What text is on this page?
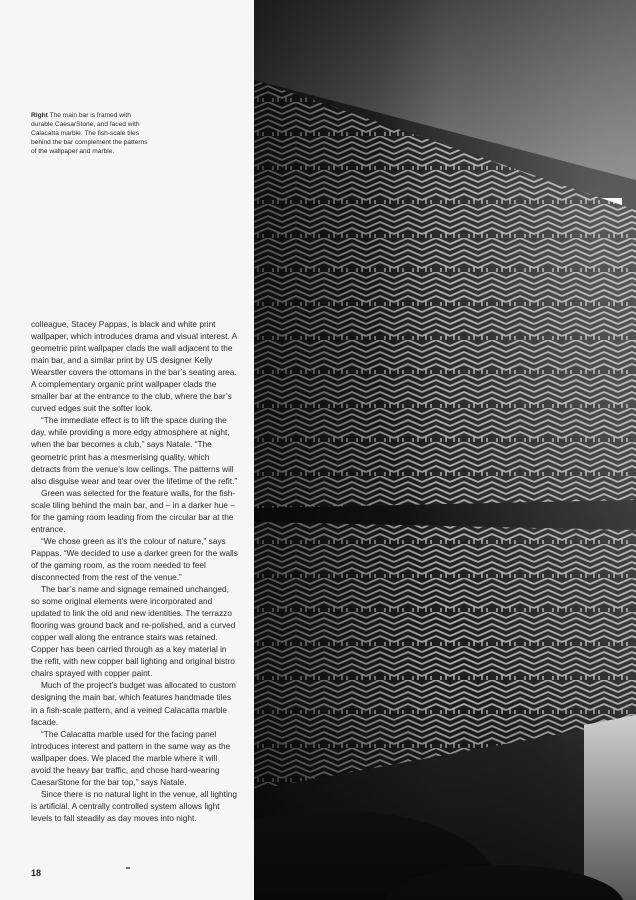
Right The main bar is framed with durable CaesarStone, and faced with Calacatta marble. The fish-scale tiles behind the bar complement the patterns of the wallpaper and marble.

colleague, Stacey Pappas, is black and white print wallpaper, which introduces drama and visual interest. A geometric print wallpaper clads the wall adjacent to the main bar, and a similar print by US designer Kelly Wearstler covers the ottomans in the bar’s seating area. A complementary organic print wallpaper clads the smaller bar at the entrance to the club, where the bar’s curved edges suit the softer look.

“The immediate effect is to lift the space during the day, while providing a more edgy atmosphere at night, when the bar becomes a club,” says Natale. “The geometric print has a mesmerising quality, which detracts from the venue’s low ceilings. The patterns will also disguise wear and tear over the lifetime of the refit.”

Green was selected for the feature walls, for the fish-scale tiling behind the main bar, and – in a darker hue – for the gaming room leading from the circular bar at the entrance.

“We chose green as it’s the colour of nature,” says Pappas. “We decided to use a darker green for the walls of the gaming room, as the room needed to feel disconnected from the rest of the venue.”

The bar’s name and signage remained unchanged, so some original elements were incorporated and updated to link the old and new identities. The terrazzo flooring was ground back and re-polished, and a curved copper wall along the entrance stairs was retained. Copper has been carried through as a key material in the refit, with new copper ball lighting and original bistro chairs sprayed with copper paint.

Much of the project’s budget was allocated to custom designing the main bar, which features handmade tiles in a fish-scale pattern, and a veined Calacatta marble facade.

“The Calacatta marble used for the facing panel introduces interest and pattern in the same way as the wallpaper does. We placed the marble where it will avoid the heavy bar traffic, and chose hard-wearing CaesarStone for the bar top,” says Natale.

Since there is no natural light in the venue, all lighting is artificial. A centrally controlled system allows light levels to fall steadily as day moves into night.

18
